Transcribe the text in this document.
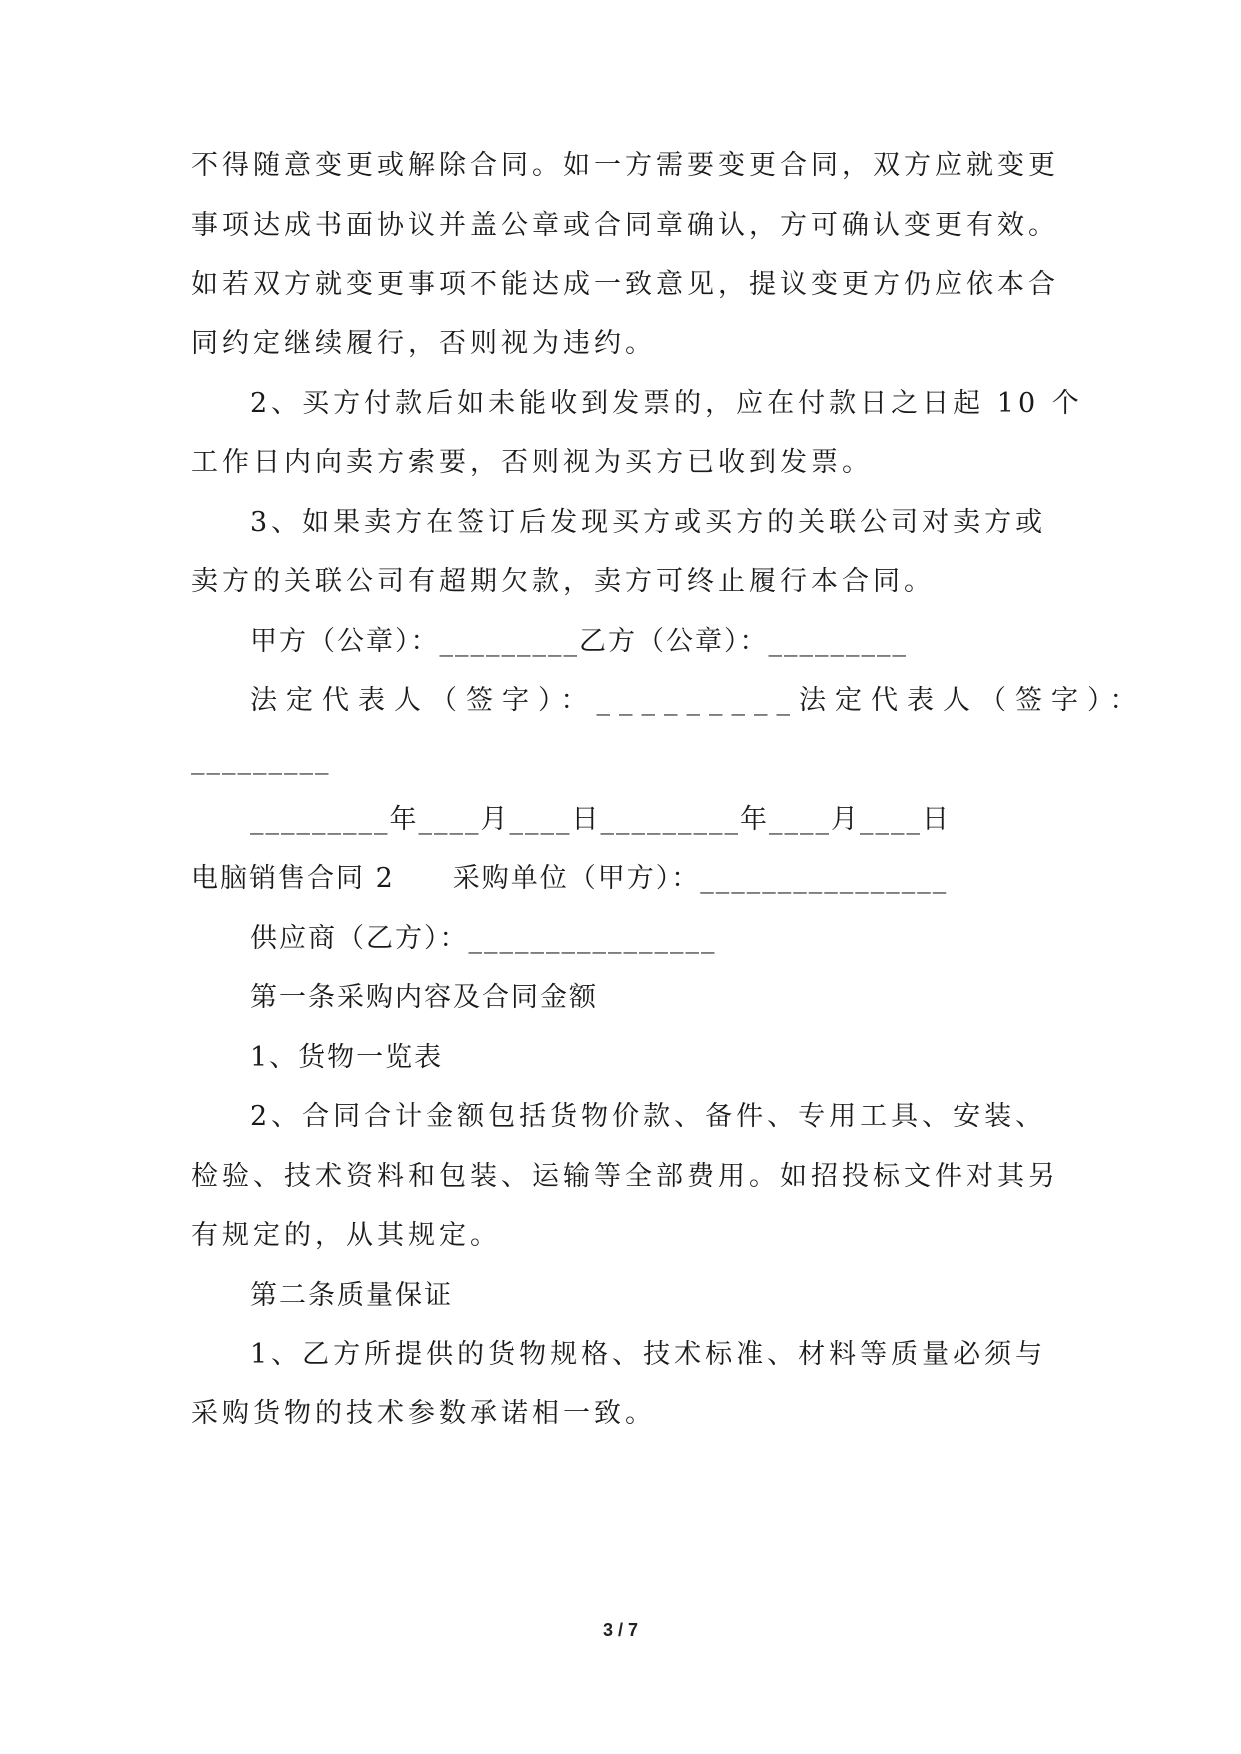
不得随意变更或解除合同。如一方需要变更合同，双方应就变更
事项达成书面协议并盖公章或合同章确认，方可确认变更有效。
如若双方就变更事项不能达成一致意见，提议变更方仍应依本合
同约定继续履行，否则视为违约。
2、买方付款后如未能收到发票的，应在付款日之日起 10 个
工作日内向卖方索要，否则视为买方已收到发票。
3、如果卖方在签订后发现买方或买方的关联公司对卖方或
卖方的关联公司有超期欠款，卖方可终止履行本合同。
甲方（公章）：_________乙方（公章）：_________
法定代表人（签字）：_________法定代表人（签字）：
_________
_________年____月____日_________年____月____日
电脑销售合同 2　　采购单位（甲方）：________________
供应商（乙方）：________________
第一条采购内容及合同金额
1、货物一览表
2、合同合计金额包括货物价款、备件、专用工具、安装、
检验、技术资料和包装、运输等全部费用。如招投标文件对其另
有规定的，从其规定。
第二条质量保证
1、乙方所提供的货物规格、技术标准、材料等质量必须与
采购货物的技术参数承诺相一致。
3 / 7
